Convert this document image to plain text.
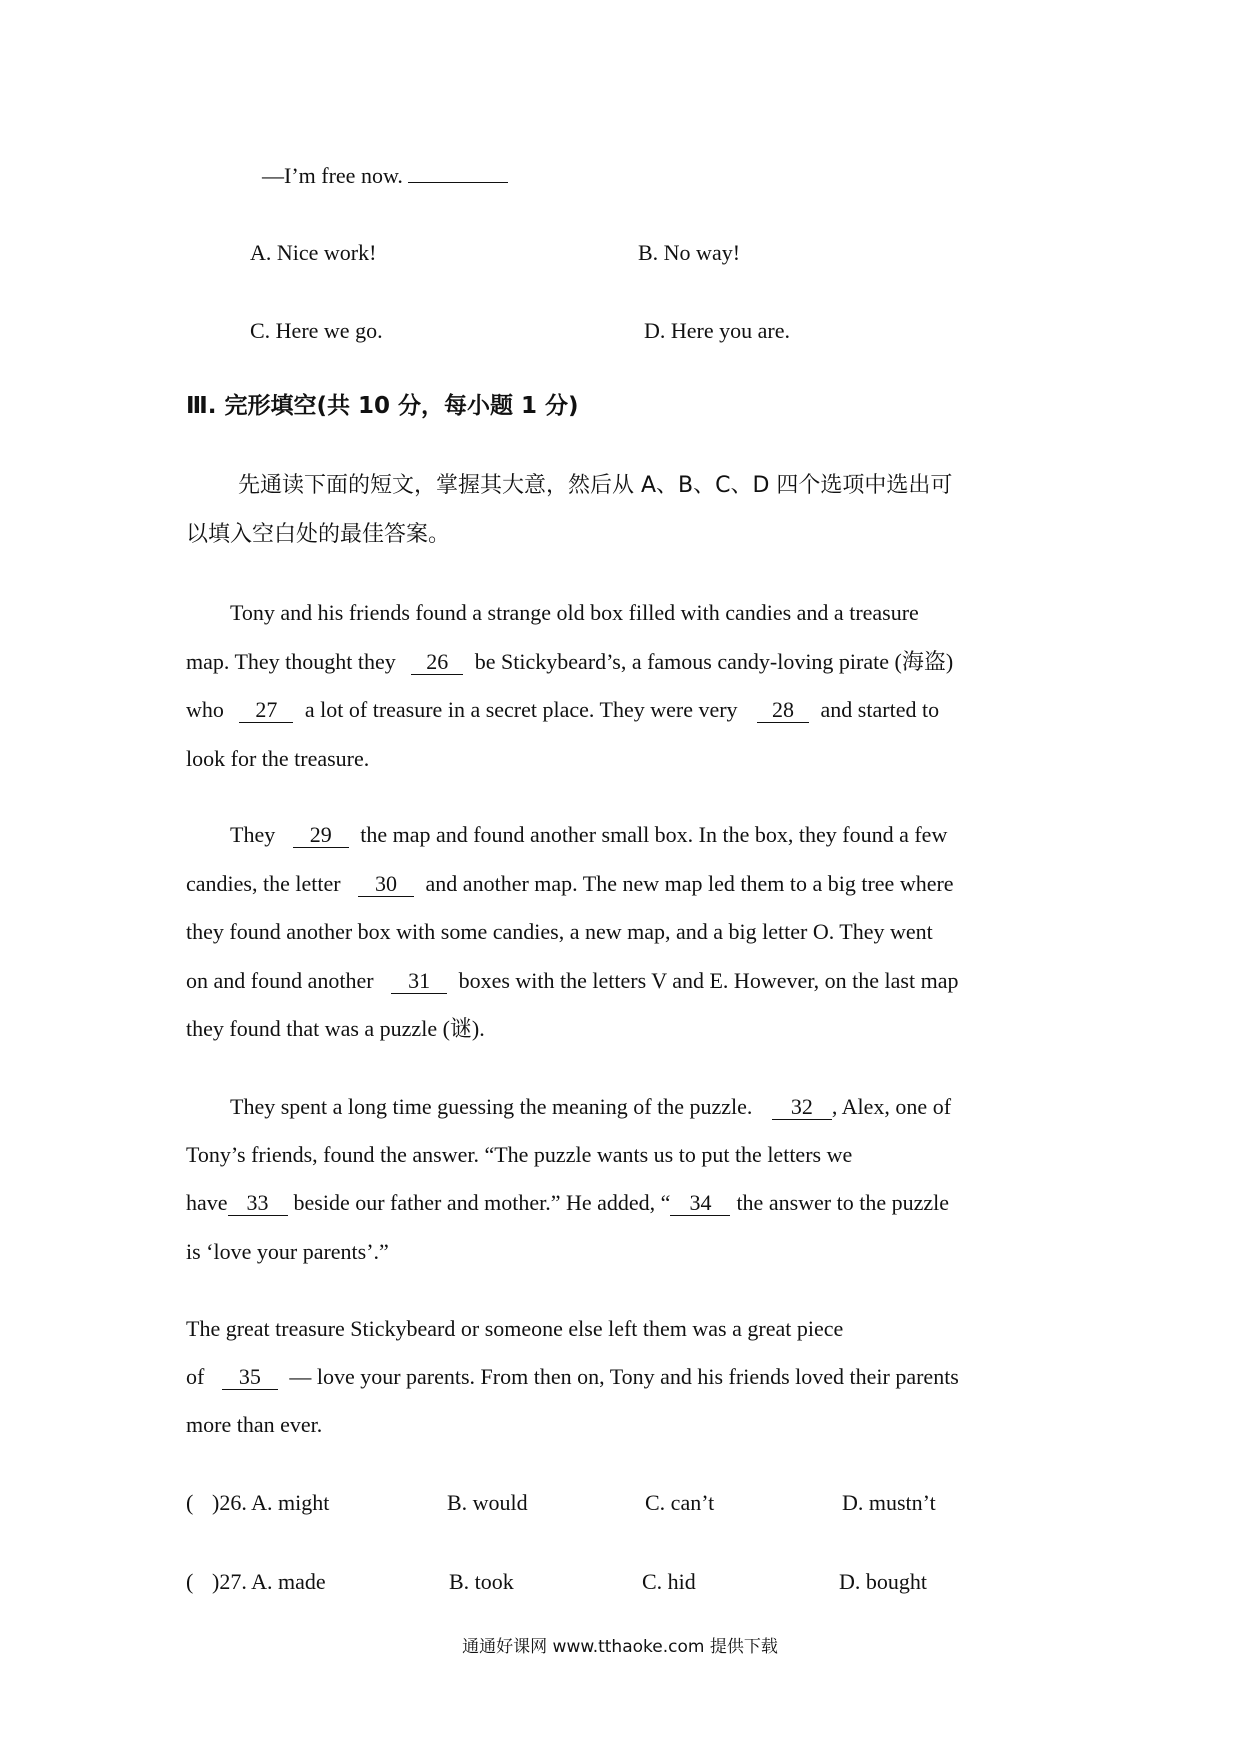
—I’m free now.
A. Nice work!	B. No way!
C. Here we go.	D. Here you are.
Ⅲ. 完形填空(共 10 分，每小题 1 分)
先通读下面的短文，掌握其大意，然后从 A、B、C、D 四个选项中选出可
以填入空白处的最佳答案。
Tony and his friends found a strange old box filled with candies and a treasure
map. They thought they 26 be Stickybeard’s, a famous candy-loving pirate (海盗)
who 27 a lot of treasure in a secret place. They were very 28 and started to
look for the treasure.
They 29 the map and found another small box. In the box, they found a few
candies, the letter 30 and another map. The new map led them to a big tree where
they found another box with some candies, a new map, and a big letter O. They went
on and found another 31 boxes with the letters V and E. However, on the last map
they found that was a puzzle (谜).
They spent a long time guessing the meaning of the puzzle. 32 , Alex, one of
Tony’s friends, found the answer. “The puzzle wants us to put the letters we
have 33 beside our father and mother.” He added, “ 34 the answer to the puzzle
is ‘love your parents’.”
The great treasure Stickybeard or someone else left them was a great piece
of 35 — love your parents. From then on, Tony and his friends loved their parents
more than ever.
( )26. A. might	B. would	C. can’t	D. mustn’t
( )27. A. made	B. took	C. hid	D. bought
通通好课网 www.tthaoke.com 提供下载
